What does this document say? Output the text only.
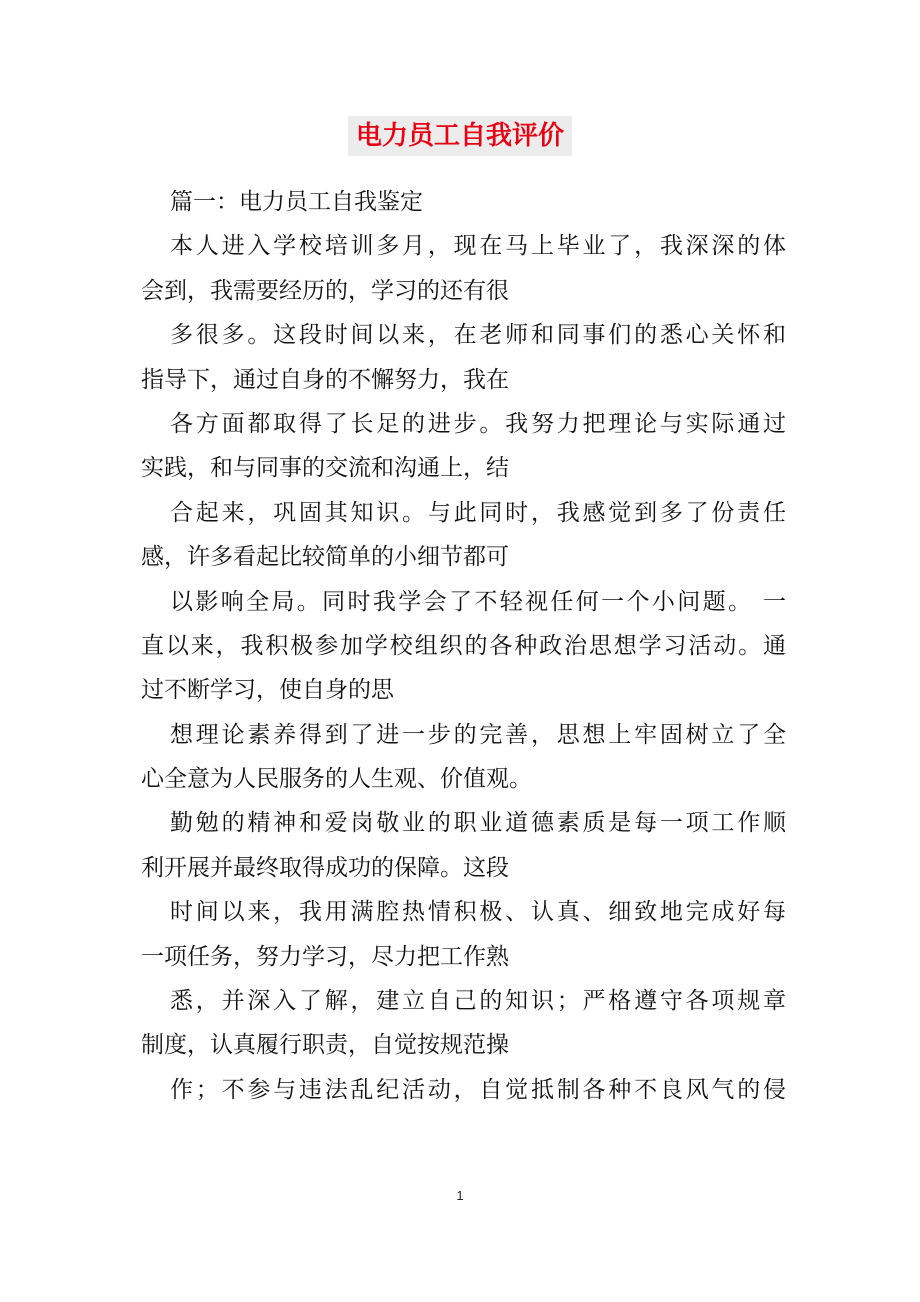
电力员工自我评价
篇一：电力员工自我鉴定
本人进入学校培训多月，现在马上毕业了，我深深的体
会到，我需要经历的，学习的还有很
多很多。这段时间以来，在老师和同事们的悉心关怀和
指导下，通过自身的不懈努力，我在
各方面都取得了长足的进步。我努力把理论与实际通过
实践，和与同事的交流和沟通上，结
合起来，巩固其知识。与此同时，我感觉到多了份责任
感，许多看起比较简单的小细节都可
以影响全局。同时我学会了不轻视任何一个小问题。 一
直以来，我积极参加学校组织的各种政治思想学习活动。通
过不断学习，使自身的思
想理论素养得到了进一步的完善，思想上牢固树立了全
心全意为人民服务的人生观、价值观。
勤勉的精神和爱岗敬业的职业道德素质是每一项工作顺
利开展并最终取得成功的保障。这段
时间以来，我用满腔热情积极、认真、细致地完成好每
一项任务，努力学习，尽力把工作熟
悉，并深入了解，建立自己的知识；严格遵守各项规章
制度，认真履行职责，自觉按规范操
作；不参与违法乱纪活动，自觉抵制各种不良风气的侵
1
